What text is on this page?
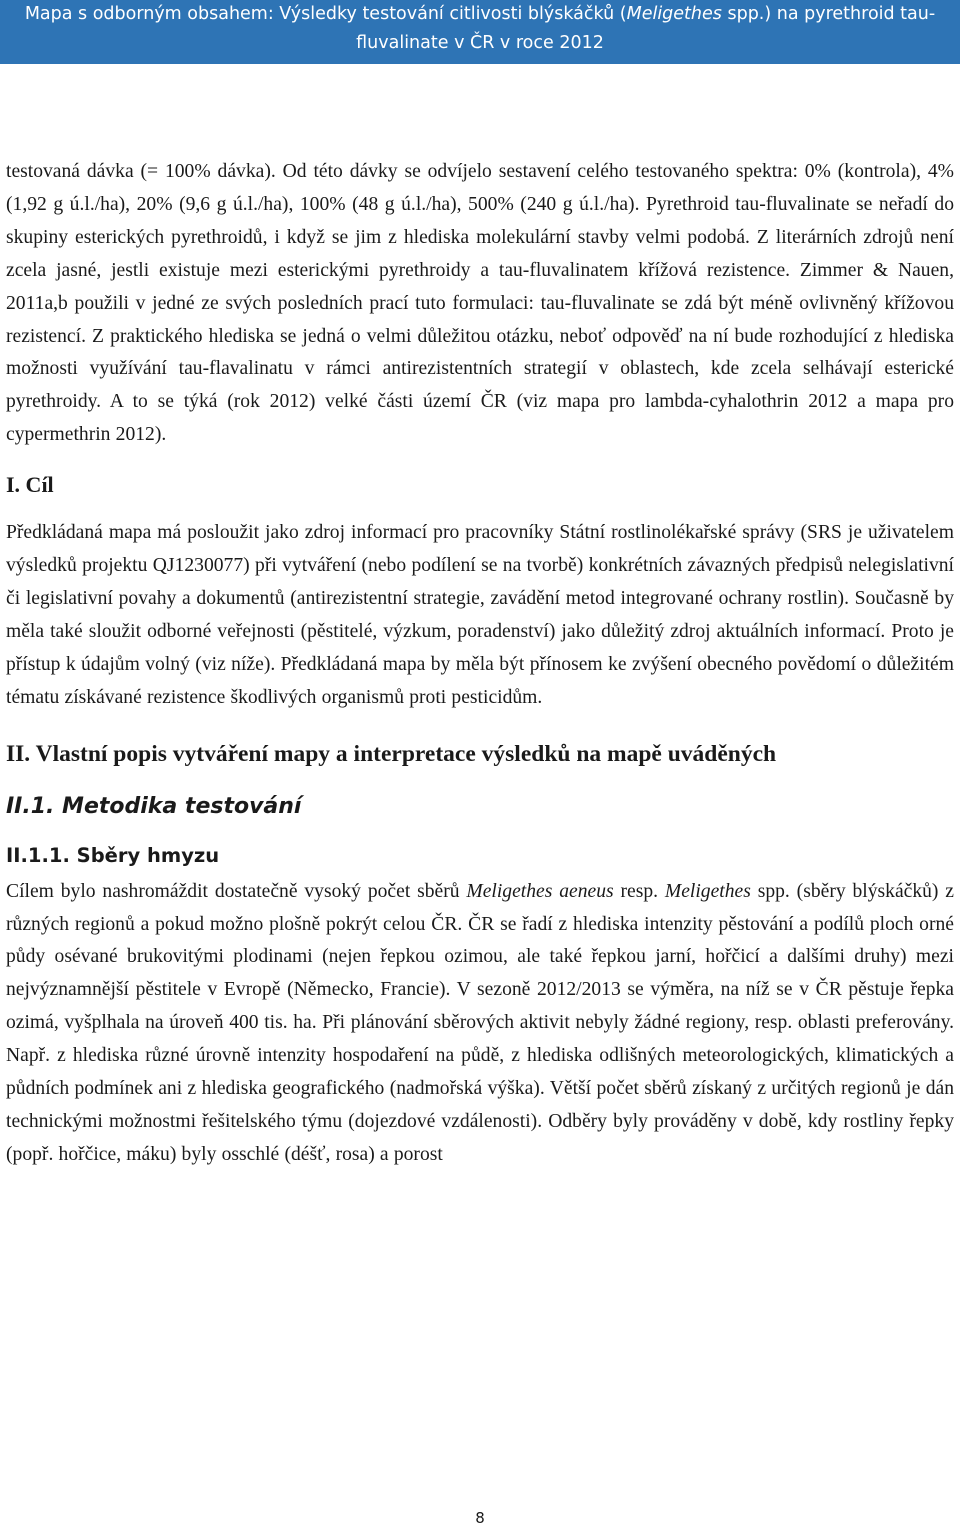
Mapa s odborným obsahem: Výsledky testování citlivosti blýskáčků (Meligethes spp.) na pyrethroid tau-
fluvalinate v ČR v roce 2012

testovaná dávka (= 100% dávka). Od této dávky se odvíjelo sestavení celého testovaného spektra: 0% (kontrola), 4% (1,92 g ú.l./ha), 20% (9,6 g ú.l./ha), 100% (48 g ú.l./ha), 500% (240 g ú.l./ha). Pyrethroid tau-fluvalinate se neřadí do skupiny esterických pyrethroidů, i když se jim z hlediska molekulární stavby velmi podobá. Z literárních zdrojů není zcela jasné, jestli existuje mezi esterickými pyrethroidy a tau-fluvalinatem křížová rezistence. Zimmer & Nauen, 2011a,b použili v jedné ze svých posledních prací tuto formulaci: tau-fluvalinate se zdá být méně ovlivněný křížovou rezistencí. Z praktického hlediska se jedná o velmi důležitou otázku, neboť odpověď na ní bude rozhodující z hlediska možnosti využívání tau-flavalinatu v rámci antirezistentních strategií v oblastech, kde zcela selhávají esterické pyrethroidy. A to se týká (rok 2012) velké části území ČR (viz mapa pro lambda-cyhalothrin 2012 a mapa pro cypermethrin 2012).

I. Cíl

Předkládaná mapa má posloužit jako zdroj informací pro pracovníky Státní rostlinolékařské správy (SRS je uživatelem výsledků projektu QJ1230077) při vytváření (nebo podílení se na tvorbě) konkrétních závazných předpisů nelegislativní či legislativní povahy a dokumentů (antirezistentní strategie, zavádění metod integrované ochrany rostlin). Současně by měla také sloužit odborné veřejnosti (pěstitelé, výzkum, poradenství) jako důležitý zdroj aktuálních informací. Proto je přístup k údajům volný (viz níže). Předkládaná mapa by měla být přínosem ke zvýšení obecného povědomí o důležitém tématu získávané rezistence škodlivých organismů proti pesticidům.

II. Vlastní popis vytváření mapy a interpretace výsledků na mapě uváděných
II.1. Metodika testování
II.1.1. Sběry hmyzu

Cílem bylo nashromáždit dostatečně vysoký počet sběrů Meligethes aeneus resp. Meligethes spp. (sběry blýskáčků) z různých regionů a pokud možno plošně pokrýt celou ČR. ČR se řadí z hlediska intenzity pěstování a podílů ploch orné půdy osévané brukovitými plodinami (nejen řepkou ozimou, ale také řepkou jarní, hořčicí a dalšími druhy) mezi nejvýznamnější pěstitele v Evropě (Německo, Francie). V sezoně 2012/2013 se výměra, na níž se v ČR pěstuje řepka ozimá, vyšplhala na úroveň 400 tis. ha. Při plánování sběrových aktivit nebyly žádné regiony, resp. oblasti preferovány. Např. z hlediska různé úrovně intenzity hospodaření na půdě, z hlediska odlišných meteorologických, klimatických a půdních podmínek ani z hlediska geografického (nadmořská výška). Větší počet sběrů získaný z určitých regionů je dán technickými možnostmi řešitelského týmu (dojezdové vzdálenosti). Odběry byly prováděny v době, kdy rostliny řepky (popř. hořčice, máku) byly osschlé (déšť, rosa) a porost

8
